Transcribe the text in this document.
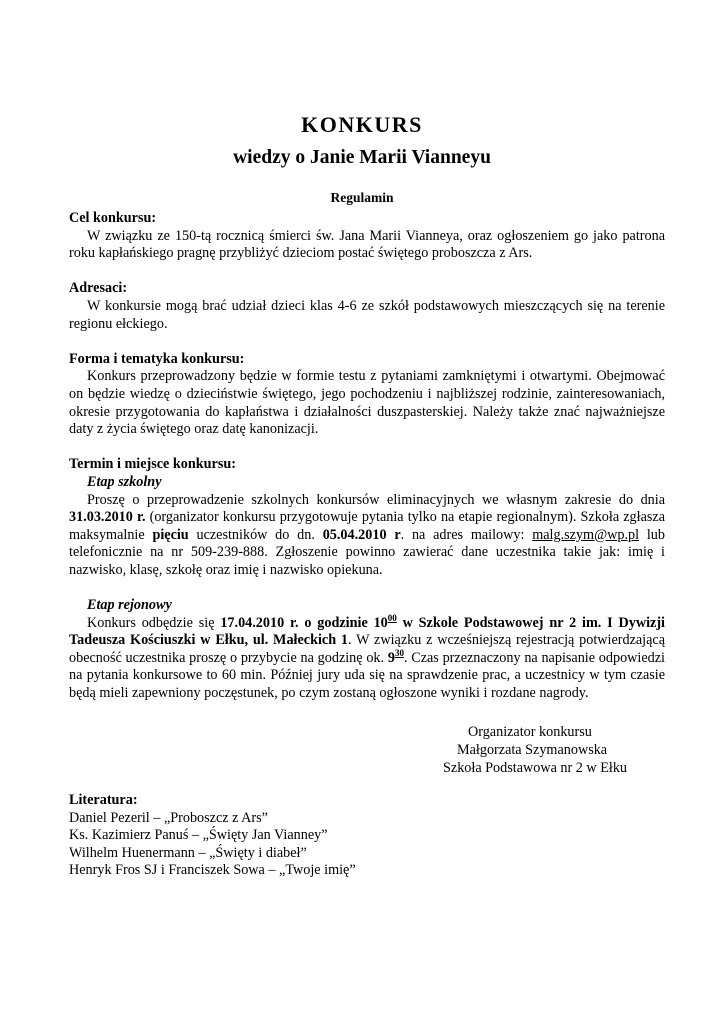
KONKURS
wiedzy o Janie Marii Vianneyu
Regulamin

Cel konkursu:

W związku ze 150-tą rocznicą śmierci św. Jana Marii Vianneya, oraz ogłoszeniem go jako patrona roku kapłańskiego pragnę przybliżyć dzieciom postać świętego proboszcza z Ars.

Adresaci:

W konkursie mogą brać udział dzieci klas 4-6 ze szkół podstawowych mieszczących się na terenie regionu ełckiego.

Forma i tematyka konkursu:

Konkurs przeprowadzony będzie w formie testu z pytaniami zamkniętymi i otwartymi. Obejmować on będzie wiedzę o dzieciństwie świętego, jego pochodzeniu i najbliższej rodzinie, zainteresowaniach, okresie przygotowania do kapłaństwa i działalności duszpasterskiej. Należy także znać najważniejsze daty z życia świętego oraz datę kanonizacji.

Termin i miejsce konkursu:

Etap szkolny

Proszę o przeprowadzenie szkolnych konkursów eliminacyjnych we własnym zakresie do dnia 31.03.2010 r. (organizator konkursu przygotowuje pytania tylko na etapie regionalnym). Szkoła zgłasza maksymalnie pięciu uczestników do dn. 05.04.2010 r. na adres mailowy: malg.szym@wp.pl lub telefonicznie na nr 509-239-888. Zgłoszenie powinno zawierać dane uczestnika takie jak: imię i nazwisko, klasę, szkołę oraz imię i nazwisko opiekuna.

Etap rejonowy

Konkurs odbędzie się 17.04.2010 r. o godzinie $10^{00}$ w Szkole Podstawowej nr 2 im. I Dywizji Tadeusza Kościuszki w Ełku, ul. Małeckich 1. W związku z wcześniejszą rejestracją potwierdzającą obecność uczestnika proszę o przybycie na godzinę ok. $9^{30}$. Czas przeznaczony na napisanie odpowiedzi na pytania konkursowe to 60 min. Później jury uda się na sprawdzenie prac, a uczestnicy w tym czasie będą mieli zapewniony poczęstunek, po czym zostaną ogłoszone wyniki i rozdane nagrody.

Organizator konkursu
Małgorzata Szymanowska
Szkoła Podstawowa nr 2 w Ełku

Literatura:

Daniel Pezeril – „Proboszcz z Ars”

Ks. Kazimierz Panuś – „Święty Jan Vianney”

Wilhelm Huenermann – „Święty i diabeł”

Henryk Fros SJ i Franciszek Sowa – „Twoje imię”
